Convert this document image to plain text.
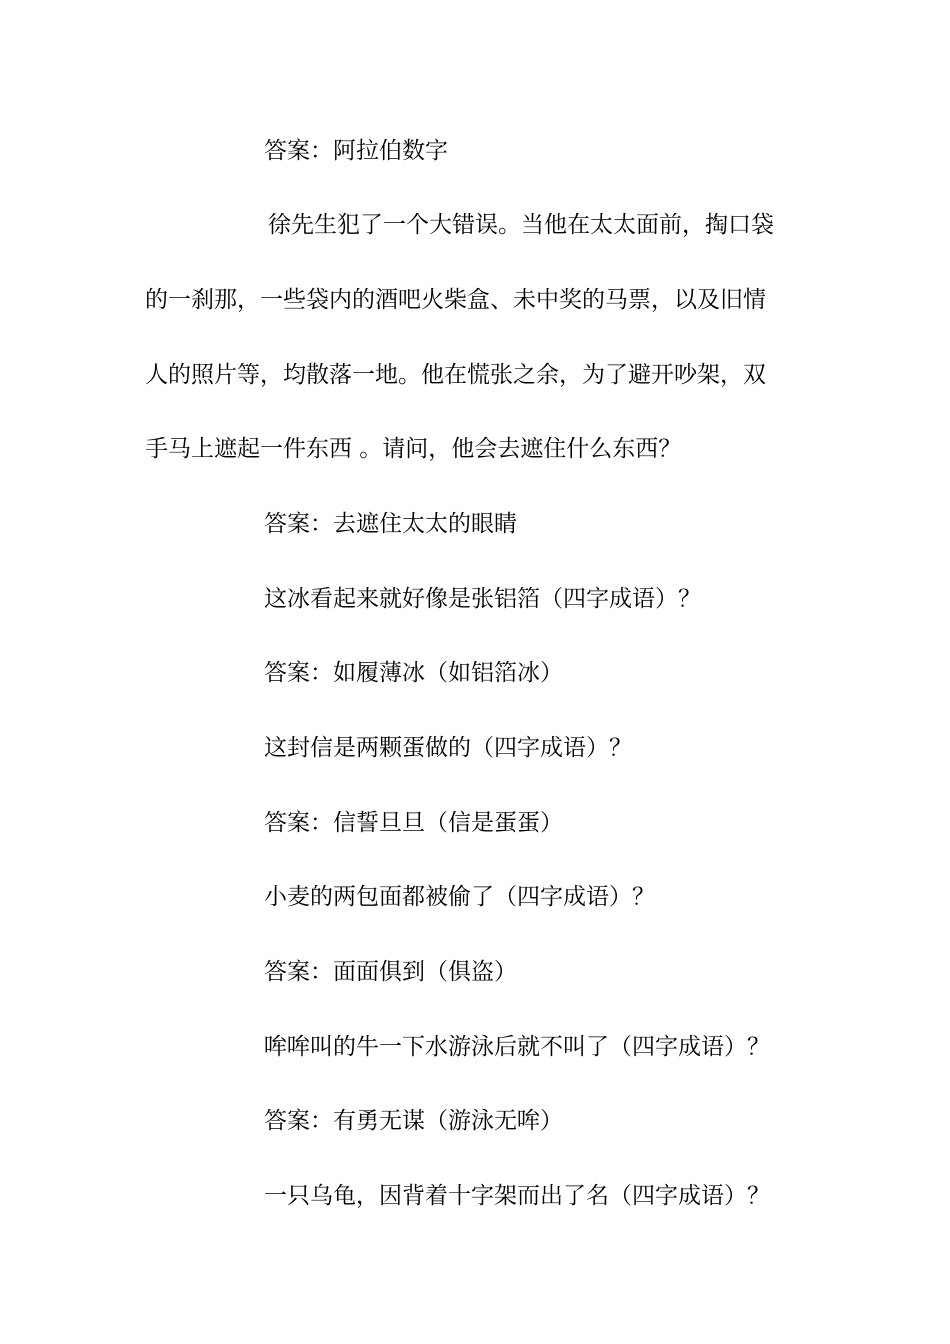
答案：阿拉伯数字
徐先生犯了一个大错误。当他在太太面前，掏口袋
的一刹那，一些袋内的酒吧火柴盒、未中奖的马票，以及旧情
人的照片等，均散落一地。他在慌张之余，为了避开吵架，双
手马上遮起一件东西 。请问，他会去遮住什么东西？
答案：去遮住太太的眼睛
这冰看起来就好像是张铝箔（四字成语）？
答案：如履薄冰（如铝箔冰）
这封信是两颗蛋做的（四字成语）？
答案：信誓旦旦（信是蛋蛋）
小麦的两包面都被偷了（四字成语）？
答案：面面俱到（俱盗）
哞哞叫的牛一下水游泳后就不叫了（四字成语）？
答案：有勇无谋（游泳无哞）
一只乌龟，因背着十字架而出了名（四字成语）？
